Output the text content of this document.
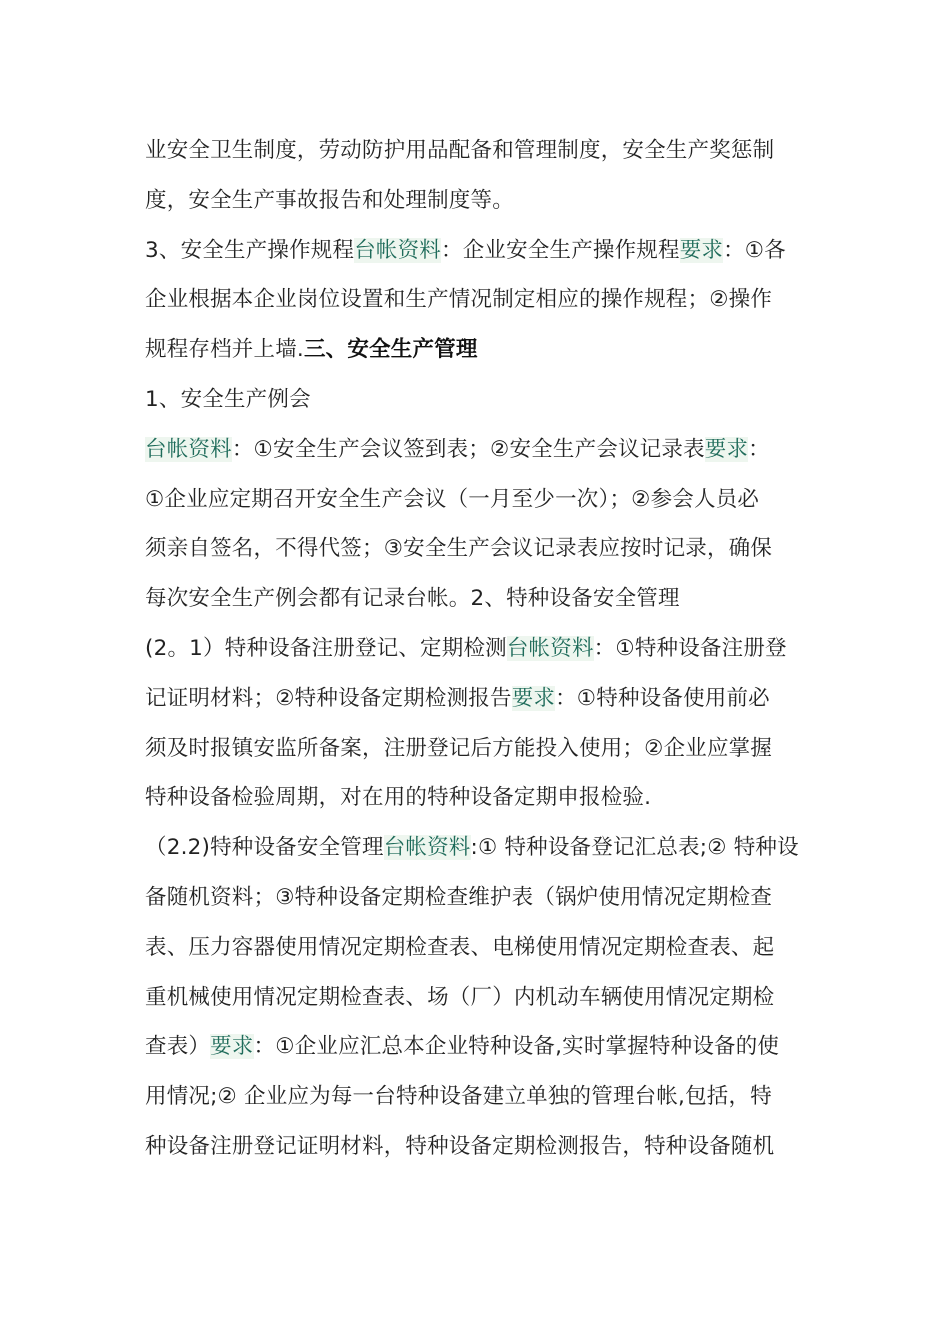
业安全卫生制度，劳动防护用品配备和管理制度，安全生产奖惩制
度，安全生产事故报告和处理制度等。
3、安全生产操作规程台帐资料：企业安全生产操作规程要求：①各
企业根据本企业岗位设置和生产情况制定相应的操作规程；②操作
规程存档并上墙.三、安全生产管理
1、安全生产例会
台帐资料：①安全生产会议签到表；②安全生产会议记录表要求：
①企业应定期召开安全生产会议（一月至少一次）；②参会人员必
须亲自签名，不得代签；③安全生产会议记录表应按时记录，确保
每次安全生产例会都有记录台帐。2、特种设备安全管理
(2。1）特种设备注册登记、定期检测台帐资料：①特种设备注册登
记证明材料；②特种设备定期检测报告要求：①特种设备使用前必
须及时报镇安监所备案，注册登记后方能投入使用；②企业应掌握
特种设备检验周期，对在用的特种设备定期申报检验.
（2.2)特种设备安全管理台帐资料:① 特种设备登记汇总表;② 特种设
备随机资料；③特种设备定期检查维护表（锅炉使用情况定期检查
表、压力容器使用情况定期检查表、电梯使用情况定期检查表、起
重机械使用情况定期检查表、场（厂）内机动车辆使用情况定期检
查表）要求：①企业应汇总本企业特种设备,实时掌握特种设备的使
用情况;② 企业应为每一台特种设备建立单独的管理台帐,包括，特
种设备注册登记证明材料，特种设备定期检测报告，特种设备随机
